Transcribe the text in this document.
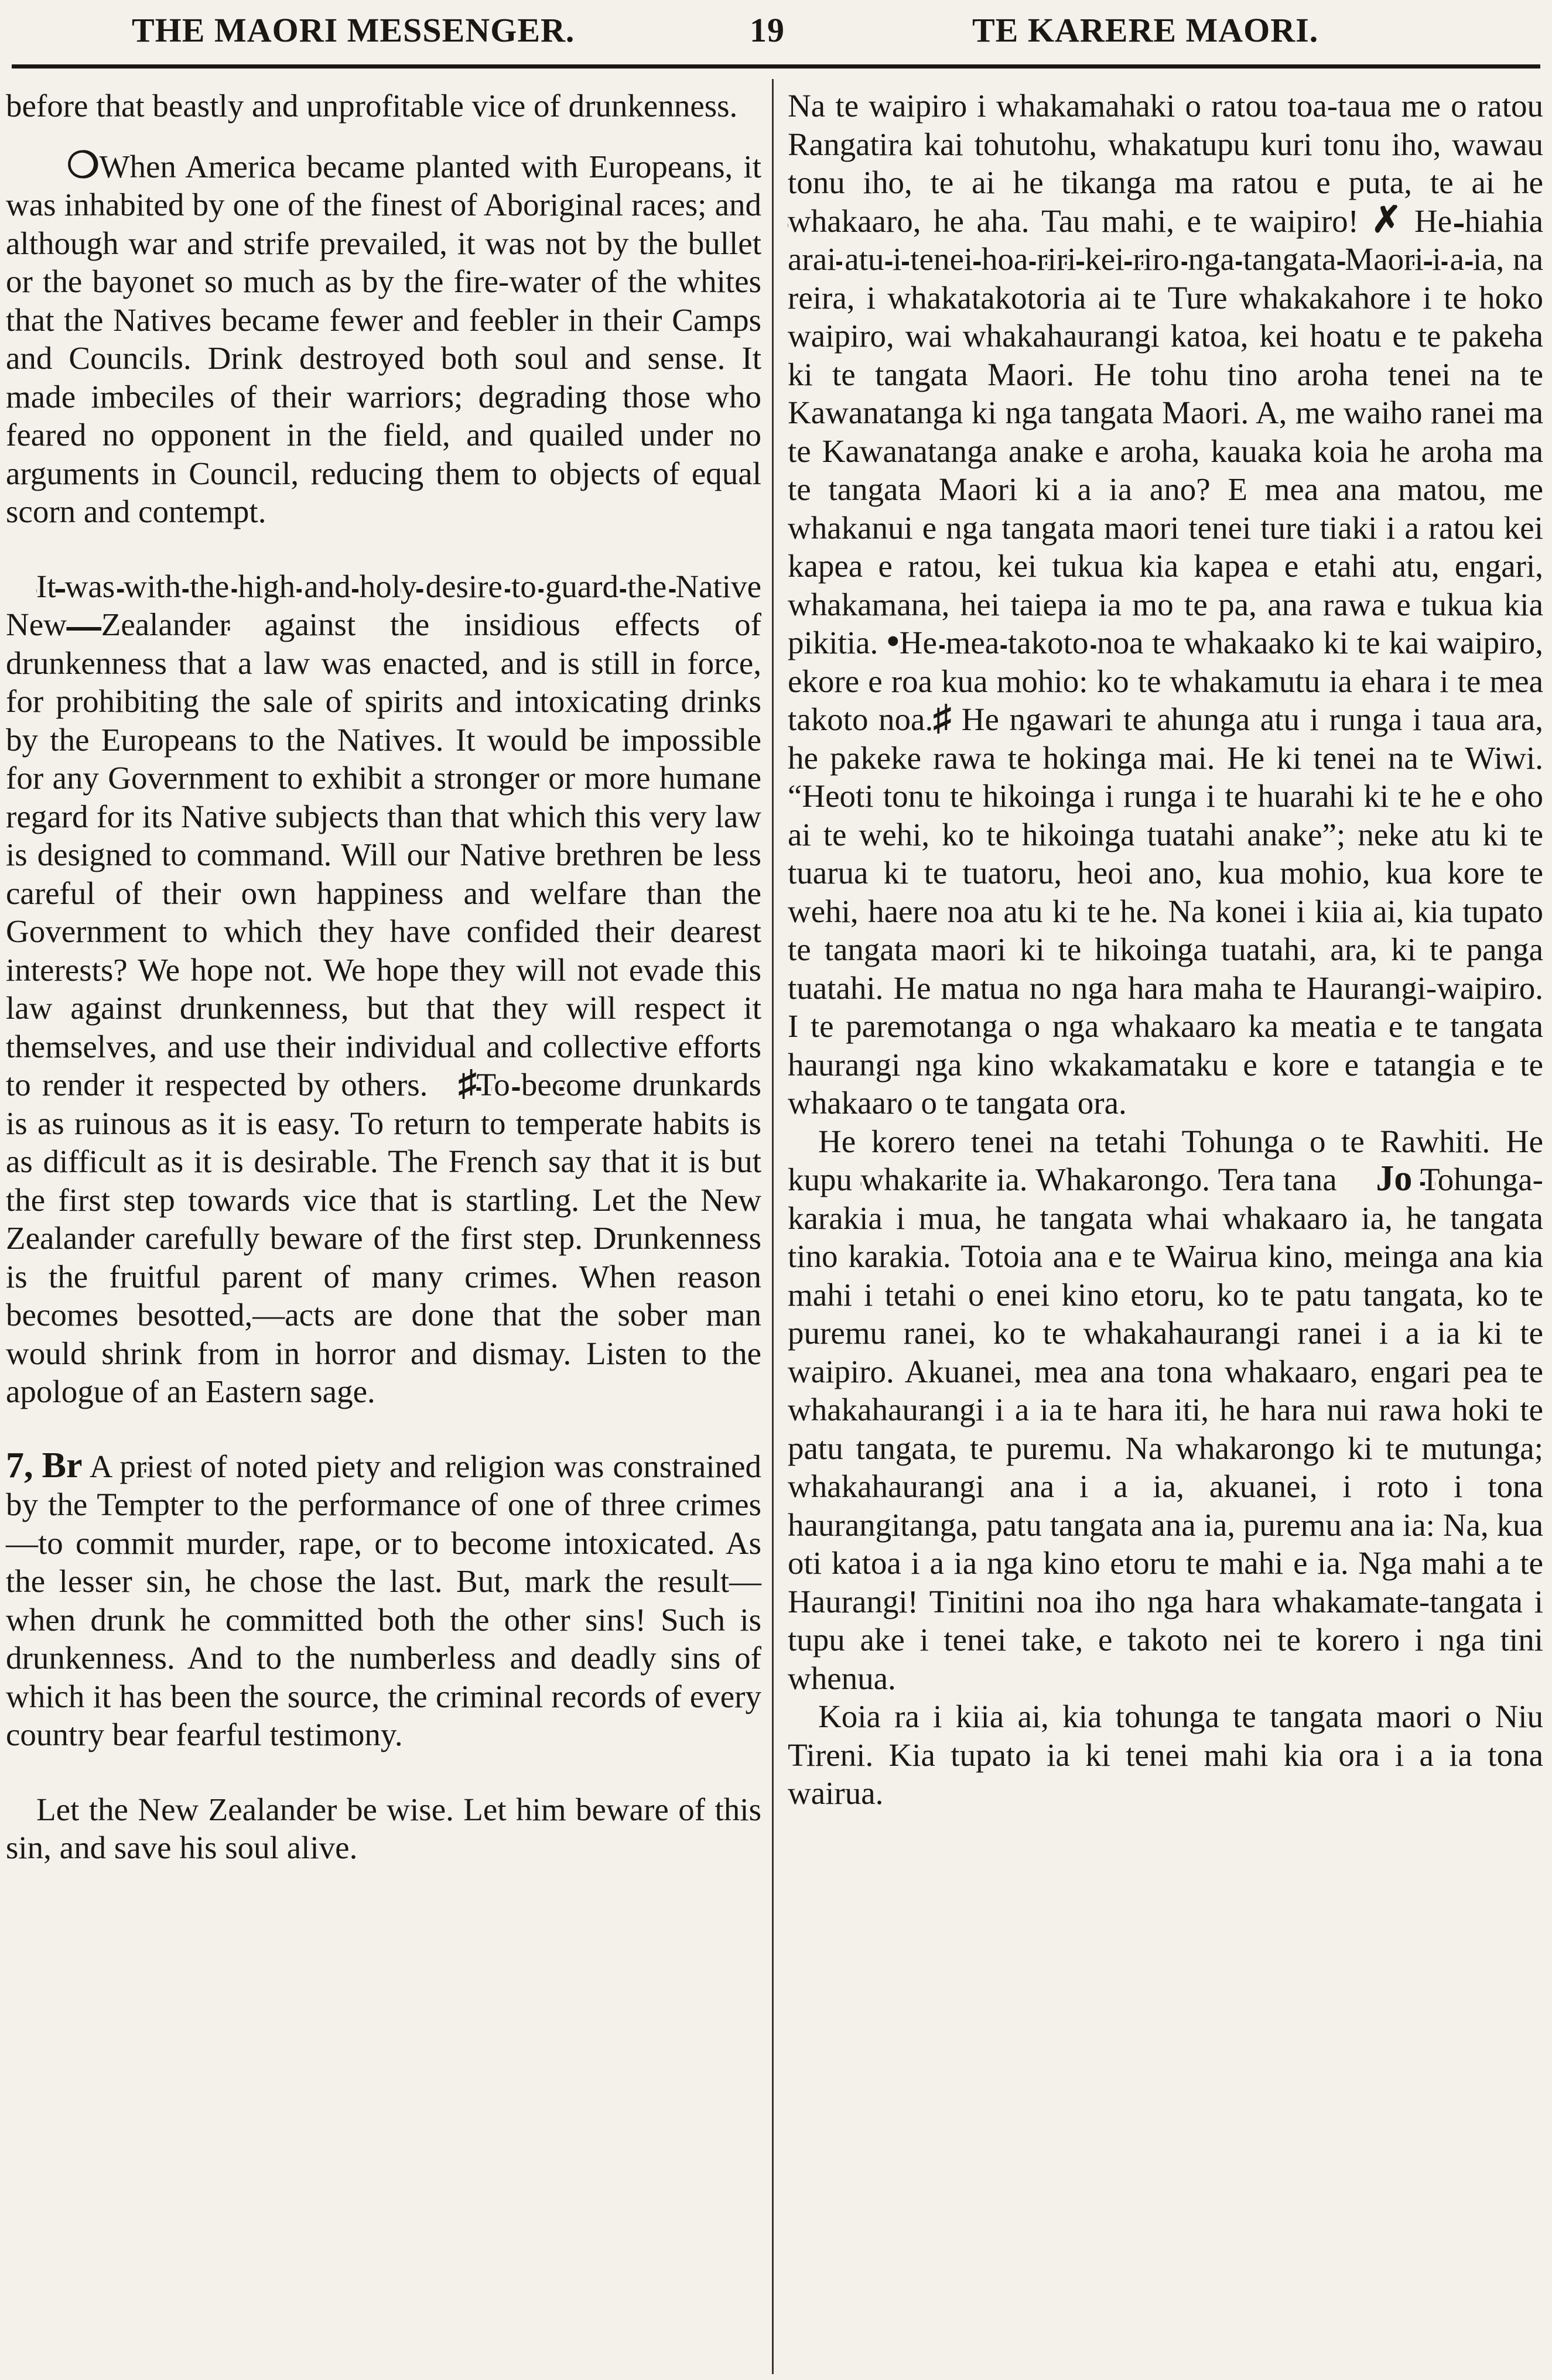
THE MAORI MESSENGER.	19	TE KARERE MAORI.

before that beastly and unprofitable vice of drunkenness.

❍When America became planted with Europeans, it was inhabited by one of the finest of Aboriginal races; and although war and strife prevailed, it was not by the bullet or the bayonet so much as by the fire-water of the whites that the Natives became fewer and feebler in their Camps and Councils. Drink destroyed both soul and sense. It made imbeciles of their warriors; degrading those who feared no opponent in the field, and quailed under no arguments in Council, reducing them to objects of equal scorn and contempt.

It was with the high and holy desire to guard the Native New Zealander against the insidious effects of drunkenness that a law was enacted, and is still in force, for prohibiting the sale of spirits and intoxicating drinks by the Europeans to the Natives. It would be impossible for any Government to exhibit a stronger or more humane regard for its Native subjects than that which this very law is designed to command. Will our Native brethren be less careful of their own happiness and welfare than the Government to which they have confided their dearest interests? We hope not. We hope they will not evade this law against drunkenness, but that they will respect it themselves, and use their individual and collective efforts to render it respected by others. ♯To become drunkards is as ruinous as it is easy. To return to temperate habits is as difficult as it is desirable. The French say that it is but the first step towards vice that is startling. Let the New Zealander carefully beware of the first step. Drunkenness is the fruitful parent of many crimes. When reason becomes besotted,—acts are done that the sober man would shrink from in horror and dismay. Listen to the apologue of an Eastern sage.

7, Br A priest of noted piety and religion was constrained by the Tempter to the performance of one of three crimes—to commit murder, rape, or to become intoxicated. As the lesser sin, he chose the last. But, mark the result—when drunk he committed both the other sins! Such is drunkenness. And to the numberless and deadly sins of which it has been the source, the criminal records of every country bear fearful testimony.

Let the New Zealander be wise. Let him beware of this sin, and save his soul alive.

Na te waipiro i whakamahaki o ratou toa-taua me o ratou Rangatira kai tohutohu, whakatupu kuri tonu iho, wawau tonu iho, te ai he tikanga ma ratou e puta, te ai he whakaaro, he aha. Tau mahi, e te waipiro! ✗ He hiahia arai atu i tenei hoa riri kei riro nga tangata Maori i a ia, na reira, i whakatakotoria ai te Ture whakakahore i te hoko waipiro, wai whakahaurangi katoa, kei hoatu e te pakeha ki te tangata Maori. He tohu tino aroha tenei na te Kawanatanga ki nga tangata Maori. A, me waiho ranei ma te Kawanatanga anake e aroha, kauaka koia he aroha ma te tangata Maori ki a ia ano? E mea ana matou, me whakanui e nga tangata maori tenei ture tiaki i a ratou kei kapea e ratou, kei tukua kia kapea e etahi atu, engari, whakamana, hei taiepa ia mo te pa, ana rawa e tukua kia pikitia. •He mea takoto noa te whakaako ki te kai waipiro, ekore e roa kua mohio: ko te whakamutu ia ehara i te mea takoto noa.♯ He ngawari te ahunga atu i runga i taua ara, he pakeke rawa te hokinga mai. He ki tenei na te Wiwi. “Heoti tonu te hikoinga i runga i te huarahi ki te he e oho ai te wehi, ko te hikoinga tuatahi anake”; neke atu ki te tuarua ki te tuatoru, heoi ano, kua mohio, kua kore te wehi, haere noa atu ki te he. Na konei i kiia ai, kia tupato te tangata maori ki te hikoinga tuatahi, ara, ki te panga tuatahi. He matua no nga hara maha te Haurangi-waipiro. I te paremotanga o nga whakaaro ka meatia e te tangata haurangi nga kino wkakamataku e kore e tatangia e te whakaaro o te tangata ora.

He korero tenei na tetahi Tohunga o te Rawhiti. He kupu whakarite ia. Whakarongo. Tera tana Jo Tohunga-karakia i mua, he tangata whai whakaaro ia, he tangata tino karakia. Totoia ana e te Wairua kino, meinga ana kia mahi i tetahi o enei kino etoru, ko te patu tangata, ko te puremu ranei, ko te whakahaurangi ranei i a ia ki te waipiro. Akuanei, mea ana tona whakaaro, engari pea te whakahaurangi i a ia te hara iti, he hara nui rawa hoki te patu tangata, te puremu. Na whakarongo ki te mutunga; whakahaurangi ana i a ia, akuanei, i roto i tona haurangitanga, patu tangata ana ia, puremu ana ia: Na, kua oti katoa i a ia nga kino etoru te mahi e ia. Nga mahi a te Haurangi! Tinitini noa iho nga hara whakamate-tangata i tupu ake i tenei take, e takoto nei te korero i nga tini whenua.

Koia ra i kiia ai, kia tohunga te tangata maori o Niu Tireni. Kia tupato ia ki tenei mahi kia ora i a ia tona wairua.
